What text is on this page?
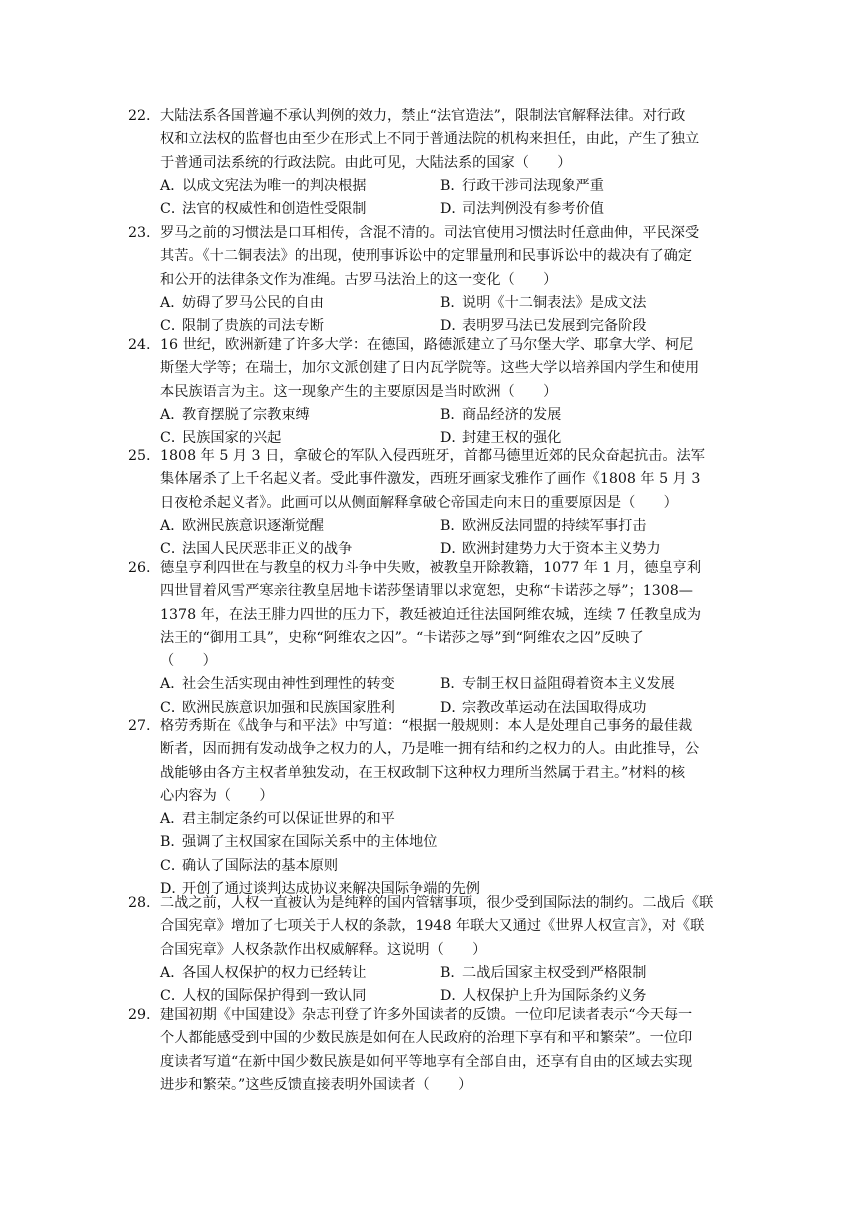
22. 大陆法系各国普遍不承认判例的效力，禁止“法官造法”，限制法官解释法律。对行政
权和立法权的监督也由至少在形式上不同于普通法院的机构来担任，由此，产生了独立
于普通司法系统的行政法院。由此可见，大陆法系的国家（　　）
A．以成文宪法为唯一的判决根据	B．行政干涉司法现象严重
C．法官的权威性和创造性受限制	D．司法判例没有参考价值
23. 罗马之前的习惯法是口耳相传，含混不清的。司法官使用习惯法时任意曲伸，平民深受
其苦。《十二铜表法》的出现，使刑事诉讼中的定罪量刑和民事诉讼中的裁决有了确定
和公开的法律条文作为准绳。古罗马法治上的这一变化（　　）
A．妨碍了罗马公民的自由	B．说明《十二铜表法》是成文法
C．限制了贵族的司法专断	D．表明罗马法已发展到完备阶段
24. 16 世纪，欧洲新建了许多大学：在德国，路德派建立了马尔堡大学、耶拿大学、柯尼
斯堡大学等；在瑞士，加尔文派创建了日内瓦学院等。这些大学以培养国内学生和使用
本民族语言为主。这一现象产生的主要原因是当时欧洲（　　）
A．教育摆脱了宗教束缚	B．商品经济的发展
C．民族国家的兴起	D．封建王权的强化
25. 1808 年 5 月 3 日，拿破仑的军队入侵西班牙，首都马德里近郊的民众奋起抗击。法军
集体屠杀了上千名起义者。受此事件激发，西班牙画家戈雅作了画作《1808 年 5 月 3
日夜枪杀起义者》。此画可以从侧面解释拿破仑帝国走向末日的重要原因是（　　）
A．欧洲民族意识逐渐觉醒	B．欧洲反法同盟的持续军事打击
C．法国人民厌恶非正义的战争	D．欧洲封建势力大于资本主义势力
26. 德皇亨利四世在与教皇的权力斗争中失败，被教皇开除教籍，1077 年 1 月，德皇亨利
四世冒着风雪严寒亲往教皇居地卡诺莎堡请罪以求宽恕，史称“卡诺莎之辱”；1308—
1378 年，在法王腓力四世的压力下，教廷被迫迁往法国阿维农城，连续 7 任教皇成为
法王的“御用工具”，史称“阿维农之囚”。“卡诺莎之辱”到“阿维农之囚”反映了
（　　）
A．社会生活实现由神性到理性的转变	B．专制王权日益阻碍着资本主义发展
C．欧洲民族意识加强和民族国家胜利	D．宗教改革运动在法国取得成功
27. 格劳秀斯在《战争与和平法》中写道：“根据一般规则：本人是处理自己事务的最佳裁
断者，因而拥有发动战争之权力的人，乃是唯一拥有结和约之权力的人。由此推导，公
战能够由各方主权者单独发动，在王权政制下这种权力理所当然属于君主。”材料的核
心内容为（　　）
A．君主制定条约可以保证世界的和平
B．强调了主权国家在国际关系中的主体地位
C．确认了国际法的基本原则
D．开创了通过谈判达成协议来解决国际争端的先例
28. 二战之前，人权一直被认为是纯粹的国内管辖事项，很少受到国际法的制约。二战后《联
合国宪章》增加了七项关于人权的条款，1948 年联大又通过《世界人权宣言》，对《联
合国宪章》人权条款作出权威解释。这说明（　　）
A．各国人权保护的权力已经转让	B．二战后国家主权受到严格限制
C．人权的国际保护得到一致认同	D．人权保护上升为国际条约义务
29. 建国初期《中国建设》杂志刊登了许多外国读者的反馈。一位印尼读者表示“今天每一
个人都能感受到中国的少数民族是如何在人民政府的治理下享有和平和繁荣”。一位印
度读者写道“在新中国少数民族是如何平等地享有全部自由，还享有自由的区域去实现
进步和繁荣。”这些反馈直接表明外国读者（　　）
